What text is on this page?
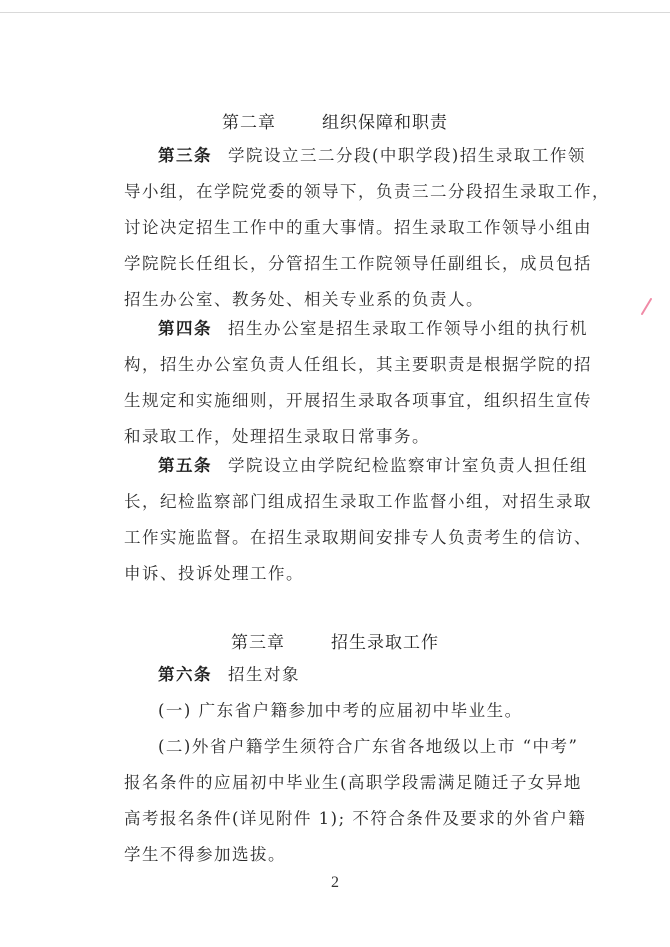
第二章	组织保障和职责
第三条 学院设立三二分段(中职学段)招生录取工作领
导小组，在学院党委的领导下，负责三二分段招生录取工作，
讨论决定招生工作中的重大事情。招生录取工作领导小组由
学院院长任组长，分管招生工作院领导任副组长，成员包括
招生办公室、教务处、相关专业系的负责人。
第四条 招生办公室是招生录取工作领导小组的执行机
构，招生办公室负责人任组长，其主要职责是根据学院的招
生规定和实施细则，开展招生录取各项事宜，组织招生宣传
和录取工作，处理招生录取日常事务。
第五条 学院设立由学院纪检监察审计室负责人担任组
长，纪检监察部门组成招生录取工作监督小组，对招生录取
工作实施监督。在招生录取期间安排专人负责考生的信访、
申诉、投诉处理工作。
第三章	招生录取工作
第六条 招生对象
(一) 广东省户籍参加中考的应届初中毕业生。
(二)外省户籍学生须符合广东省各地级以上市 “中考”
报名条件的应届初中毕业生(高职学段需满足随迁子女异地
高考报名条件(详见附件 1); 不符合条件及要求的外省户籍
学生不得参加选拔。
2
